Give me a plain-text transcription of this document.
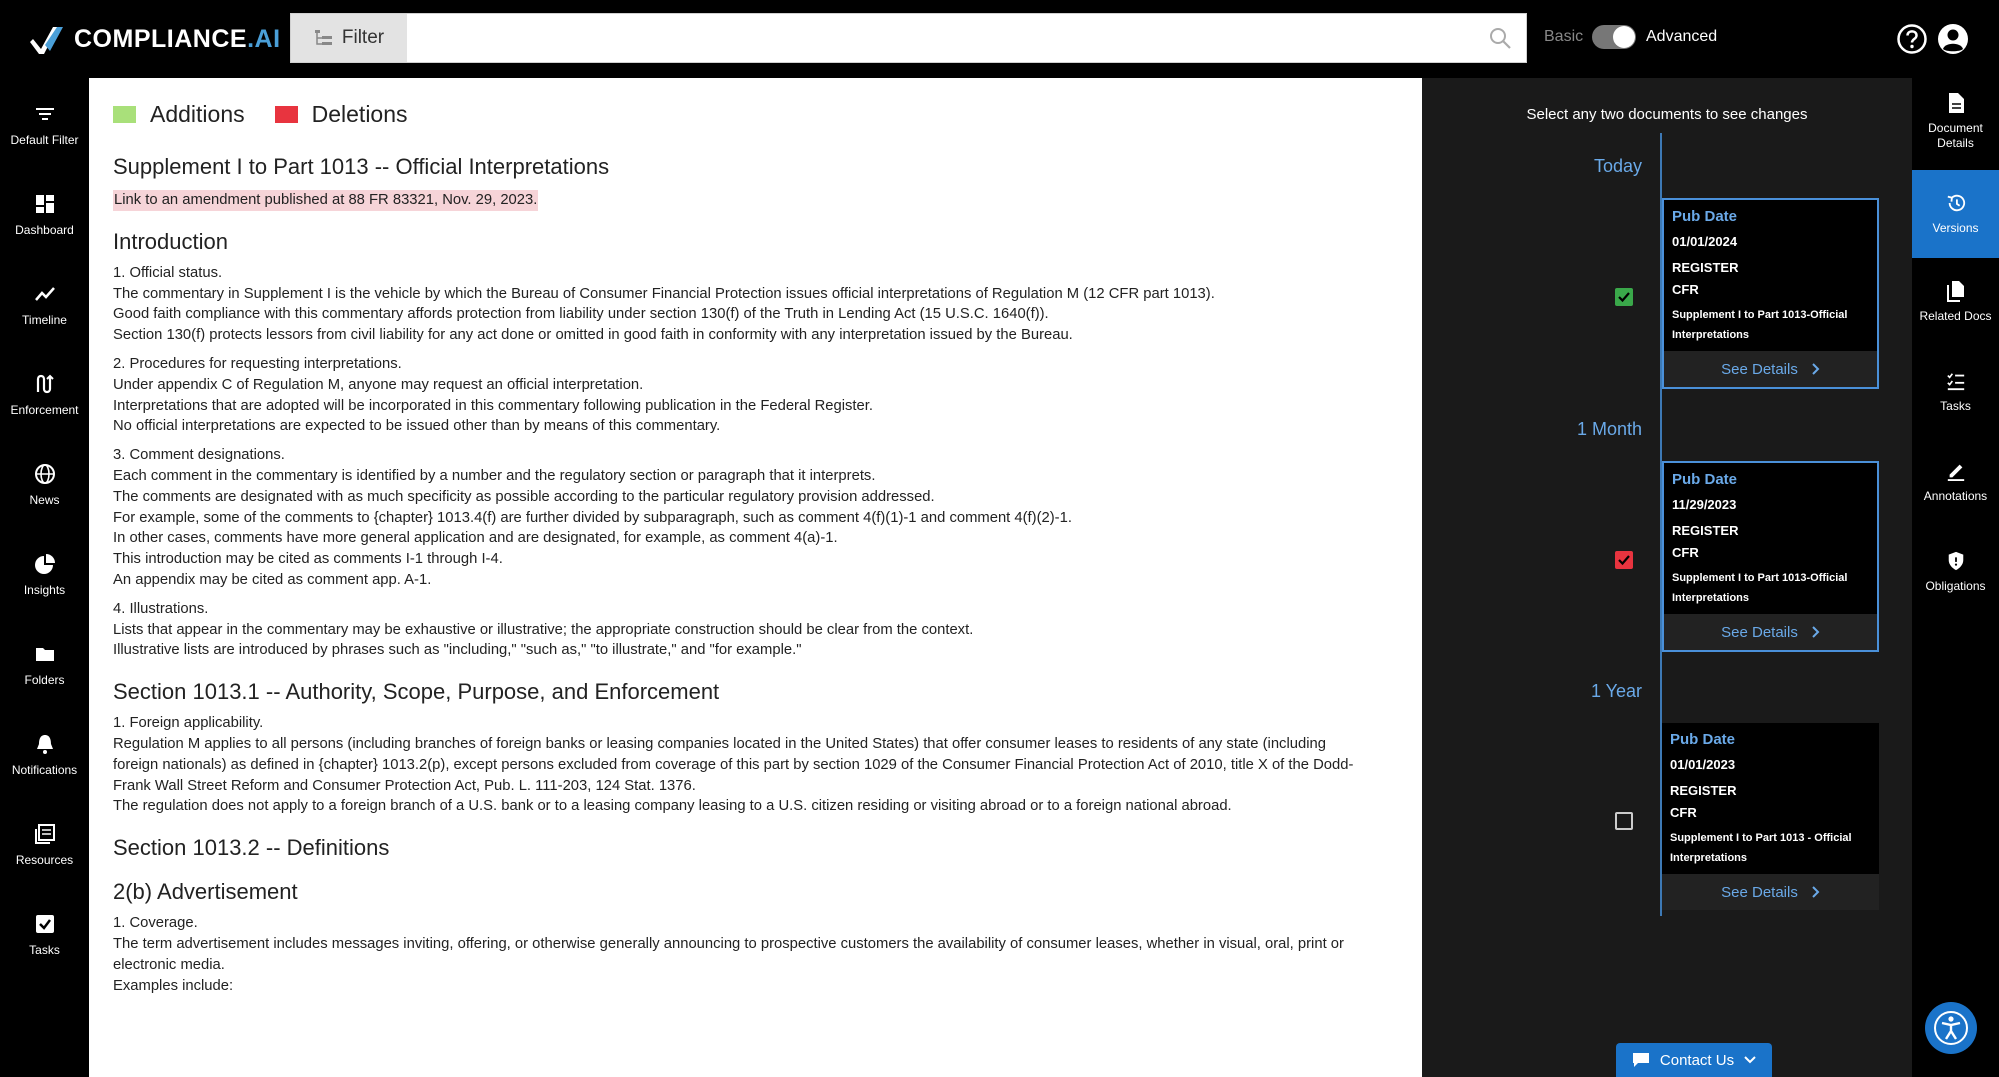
COMPLIANCE.AI	Filter	Basic	Advanced
Default Filter
Dashboard
Timeline
Enforcement
News
Insights
Folders
Notifications
Resources
Tasks
Additions	Deletions
Supplement I to Part 1013 -- Official Interpretations

Link to an amendment published at 88 FR 83321, Nov. 29, 2023.

Introduction

1. Official status.

The commentary in Supplement I is the vehicle by which the Bureau of Consumer Financial Protection issues official interpretations of Regulation M (12 CFR part 1013).

Good faith compliance with this commentary affords protection from liability under section 130(f) of the Truth in Lending Act (15 U.S.C. 1640(f)).

Section 130(f) protects lessors from civil liability for any act done or omitted in good faith in conformity with any interpretation issued by the Bureau.

2. Procedures for requesting interpretations.

Under appendix C of Regulation M, anyone may request an official interpretation.

Interpretations that are adopted will be incorporated in this commentary following publication in the Federal Register.

No official interpretations are expected to be issued other than by means of this commentary.

3. Comment designations.

Each comment in the commentary is identified by a number and the regulatory section or paragraph that it interprets.

The comments are designated with as much specificity as possible according to the particular regulatory provision addressed.

For example, some of the comments to {chapter} 1013.4(f) are further divided by subparagraph, such as comment 4(f)(1)-1 and comment 4(f)(2)-1.

In other cases, comments have more general application and are designated, for example, as comment 4(a)-1.

This introduction may be cited as comments I-1 through I-4.

An appendix may be cited as comment app. A-1.

4. Illustrations.

Lists that appear in the commentary may be exhaustive or illustrative; the appropriate construction should be clear from the context.

Illustrative lists are introduced by phrases such as "including," "such as," "to illustrate," and "for example."

Section 1013.1 -- Authority, Scope, Purpose, and Enforcement

1. Foreign applicability.

Regulation M applies to all persons (including branches of foreign banks or leasing companies located in the United States) that offer consumer leases to residents of any state (including

foreign nationals) as defined in {chapter} 1013.2(p), except persons excluded from coverage of this part by section 1029 of the Consumer Financial Protection Act of 2010, title X of the Dodd-

Frank Wall Street Reform and Consumer Protection Act, Pub. L. 111-203, 124 Stat. 1376.

The regulation does not apply to a foreign branch of a U.S. bank or to a leasing company leasing to a U.S. citizen residing or visiting abroad or to a foreign national abroad.

Section 1013.2 -- Definitions
2(b) Advertisement

1. Coverage.

The term advertisement includes messages inviting, offering, or otherwise generally announcing to prospective customers the availability of consumer leases, whether in visual, oral, print or

electronic media.

Examples include:

Select any two documents to see changes
Today
Pub Date
01/01/2024
REGISTER
CFR
Supplement I to Part 1013-Official Interpretations
See Details
1 Month
Pub Date
11/29/2023
REGISTER
CFR
Supplement I to Part 1013-Official Interpretations
See Details
1 Year
Pub Date
01/01/2023
REGISTER
CFR
Supplement I to Part 1013 - Official Interpretations
See Details
Document Details
Versions
Related Docs
Tasks
Annotations
Obligations
Contact Us
